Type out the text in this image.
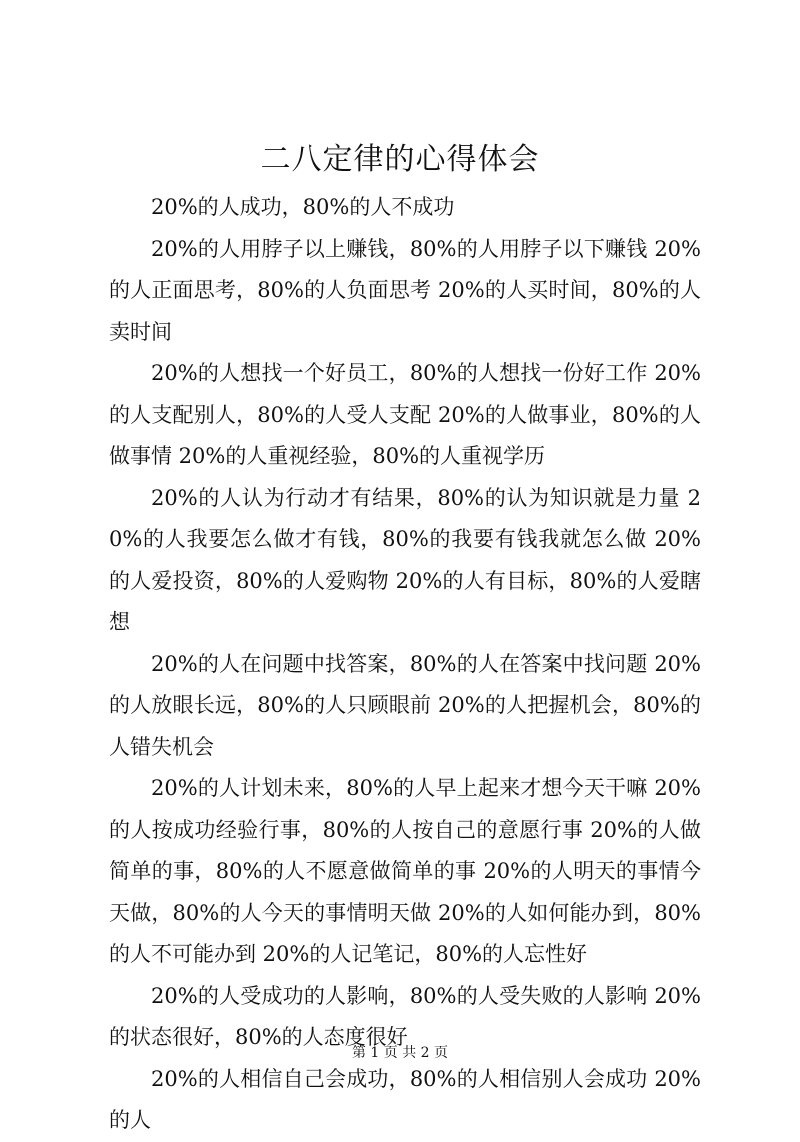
二八定律的心得体会

20%的人成功，80%的人不成功

20%的人用脖子以上赚钱，80%的人用脖子以下赚钱 20%的人正面思考，80%的人负面思考 20%的人买时间，80%的人卖时间

20%的人想找一个好员工，80%的人想找一份好工作 20%的人支配别人，80%的人受人支配 20%的人做事业，80%的人做事情 20%的人重视经验，80%的人重视学历

20%的人认为行动才有结果，80%的认为知识就是力量 20%的人我要怎么做才有钱，80%的我要有钱我就怎么做 20%的人爱投资，80%的人爱购物 20%的人有目标，80%的人爱瞎想

20%的人在问题中找答案，80%的人在答案中找问题 20%的人放眼长远，80%的人只顾眼前 20%的人把握机会，80%的人错失机会

20%的人计划未来，80%的人早上起来才想今天干嘛 20%的人按成功经验行事，80%的人按自己的意愿行事 20%的人做简单的事，80%的人不愿意做简单的事 20%的人明天的事情今天做，80%的人今天的事情明天做 20%的人如何能办到，80%的人不可能办到 20%的人记笔记，80%的人忘性好

20%的人受成功的人影响，80%的人受失败的人影响 20%的状态很好，80%的人态度很好

20%的人相信自己会成功，80%的人相信别人会成功 20%的人

第 1 页 共 2 页
